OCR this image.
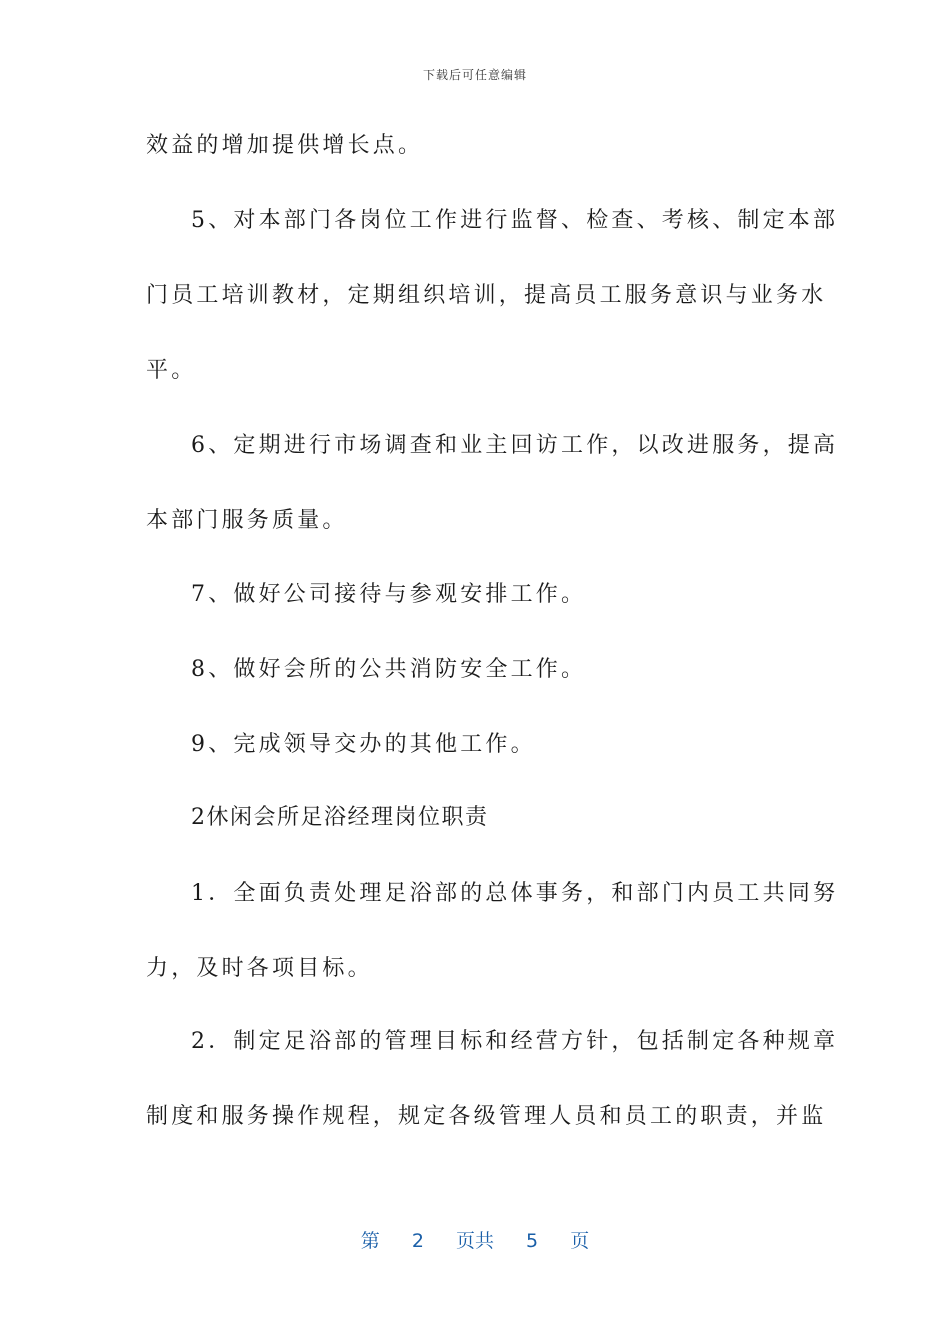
下载后可任意编辑
效益的增加提供增长点。
5、对本部门各岗位工作进行监督、检查、考核、制定本部
门员工培训教材，定期组织培训，提高员工服务意识与业务水
平。
6、定期进行市场调查和业主回访工作，以改进服务，提高
本部门服务质量。
7、做好公司接待与参观安排工作。
8、做好会所的公共消防安全工作。
9、完成领导交办的其他工作。
2休闲会所足浴经理岗位职责
1．全面负责处理足浴部的总体事务，和部门内员工共同努
力，及时各项目标。
2．制定足浴部的管理目标和经营方针，包括制定各种规章
制度和服务操作规程，规定各级管理人员和员工的职责，并监
第 2 页共 5 页
